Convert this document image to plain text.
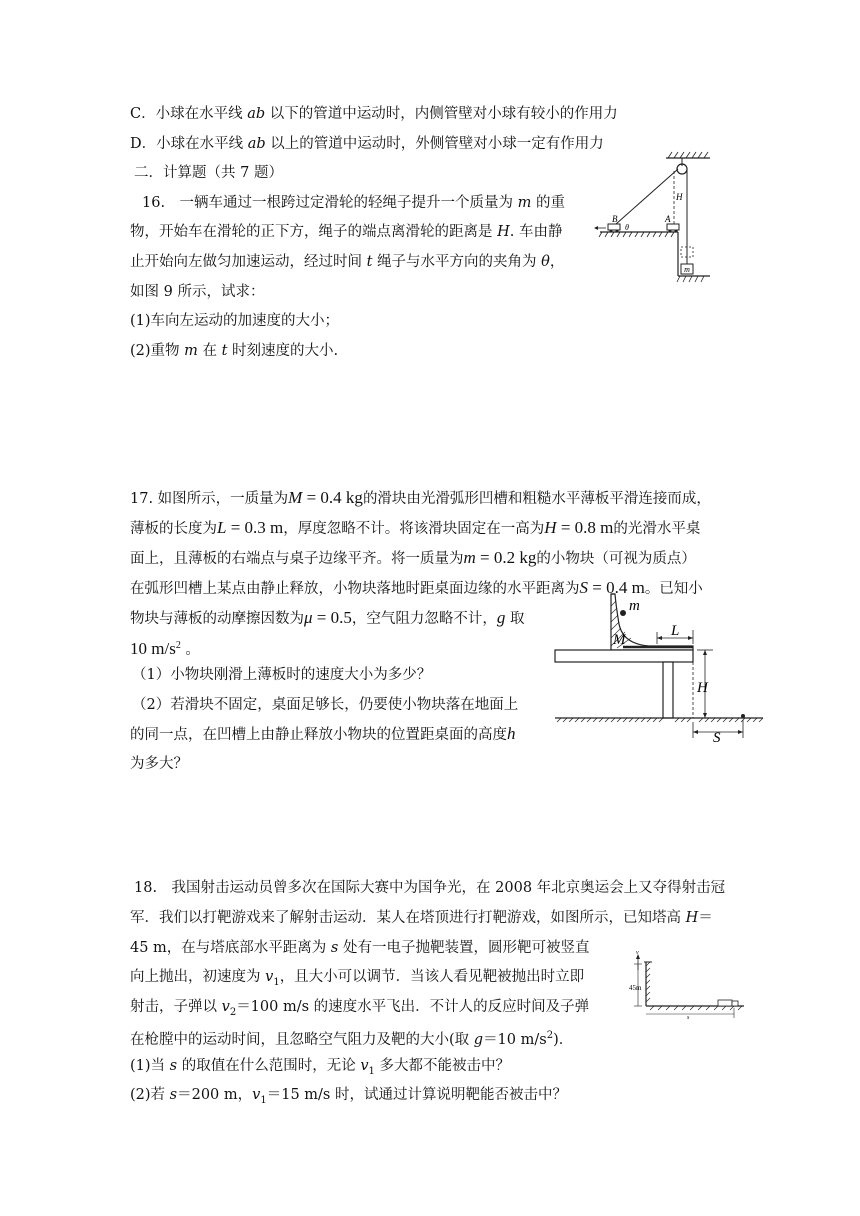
C．小球在水平线 ab 以下的管道中运动时，内侧管壁对小球有较小的作用力
D．小球在水平线 ab 以上的管道中运动时，外侧管壁对小球一定有作用力
二．计算题（共 7 题）
16.　一辆车通过一根跨过定滑轮的轻绳子提升一个质量为 m 的重
物，开始车在滑轮的正下方，绳子的端点离滑轮的距离是 H. 车由静
止开始向左做匀加速运动，经过时间 t 绳子与水平方向的夹角为 θ，
如图 9 所示，试求：
(1)车向左运动的加速度的大小；
(2)重物 m 在 t 时刻速度的大小.
m
B
θ
A
H
17. 如图所示，一质量为M = 0.4 kg的滑块由光滑弧形凹槽和粗糙水平薄板平滑连接而成，
薄板的长度为L = 0.3 m，厚度忽略不计。将该滑块固定在一高为H = 0.8 m的光滑水平桌
面上，且薄板的右端点与桌子边缘平齐。将一质量为m = 0.2 kg的小物块（可视为质点）
在弧形凹槽上某点由静止释放，小物块落地时距桌面边缘的水平距离为S = 0.4 m。已知小
物块与薄板的动摩擦因数为μ = 0.5，空气阻力忽略不计，g 取
10 $m/s^2$ 。
（1）小物块刚滑上薄板时的速度大小为多少？
（2）若滑块不固定，桌面足够长，仍要使小物块落在地面上
的同一点，在凹槽上由静止释放小物块的位置距桌面的高度h
为多大？
m
M
L
H
S
18.　我国射击运动员曾多次在国际大赛中为国争光，在 2008 年北京奥运会上又夺得射击冠
军．我们以打靶游戏来了解射击运动．某人在塔顶进行打靶游戏，如图所示，已知塔高 H＝
45 m，在与塔底部水平距离为 s 处有一电子抛靶装置，圆形靶可被竖直
向上抛出，初速度为 $v_1$，且大小可以调节．当该人看见靶被抛出时立即
射击，子弹以 $v_2=100$ m/s 的速度水平飞出．不计人的反应时间及子弹
在枪膛中的运动时间，且忽略空气阻力及靶的大小(取 g＝10 $m/s^2$)．
(1)当 s 的取值在什么范围时，无论 $v_1$ 多大都不能被击中？
(2)若 s＝200 m，$v_1=15$ m/s 时，试通过计算说明靶能否被击中？
v
45m
s
